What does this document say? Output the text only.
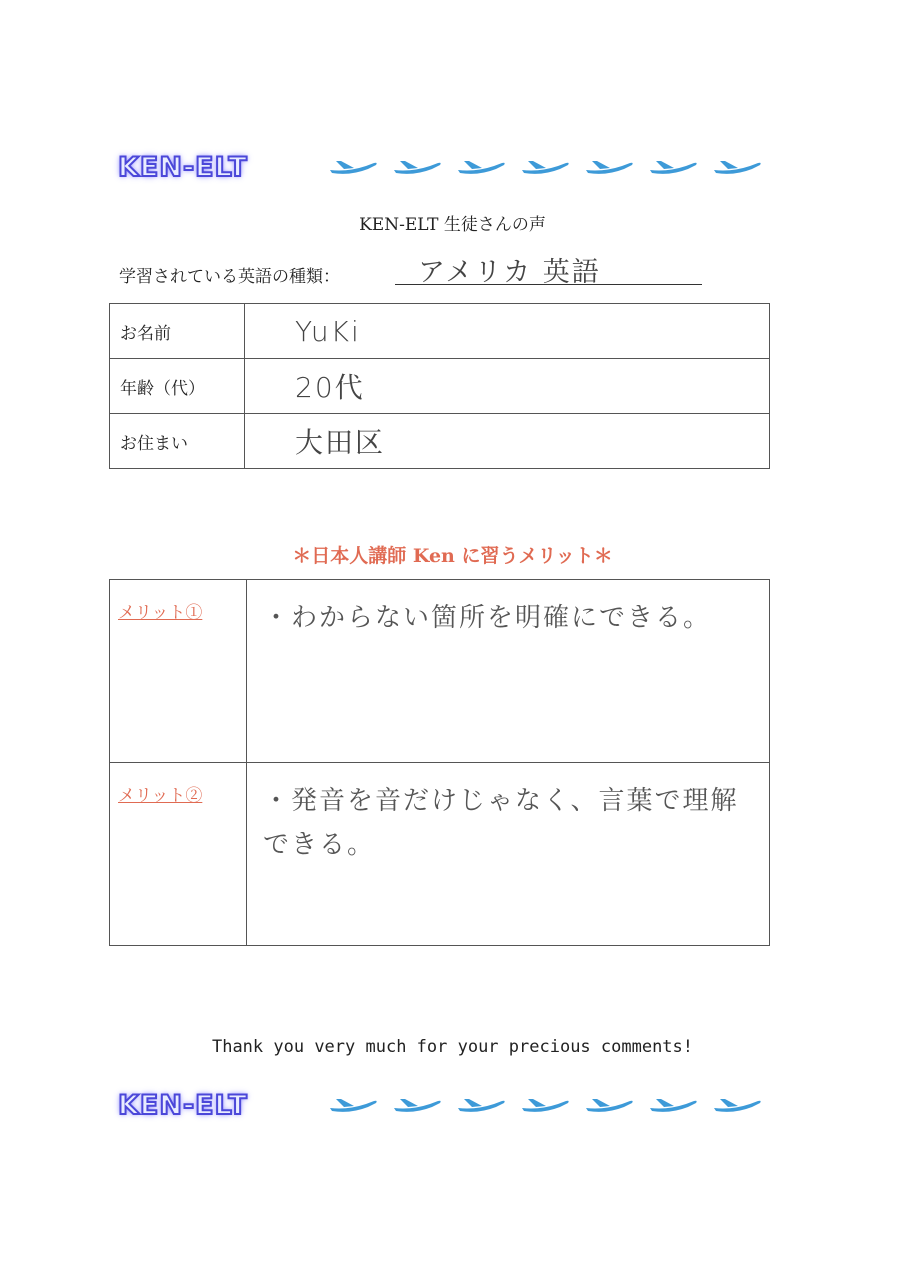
KEN-ELT
KEN-ELT 生徒さんの声
学習されている英語の種類：	アメリカ 英語
お名前	YuKi
年齢（代）	20代
お住まい	大田区
＊日本人講師 Ken に習うメリット＊
メリット①	・わからない箇所を明確にできる。
メリット②	・発音を音だけじゃなく、言葉で理解できる。
Thank you very much for your precious comments!
KEN-ELT
